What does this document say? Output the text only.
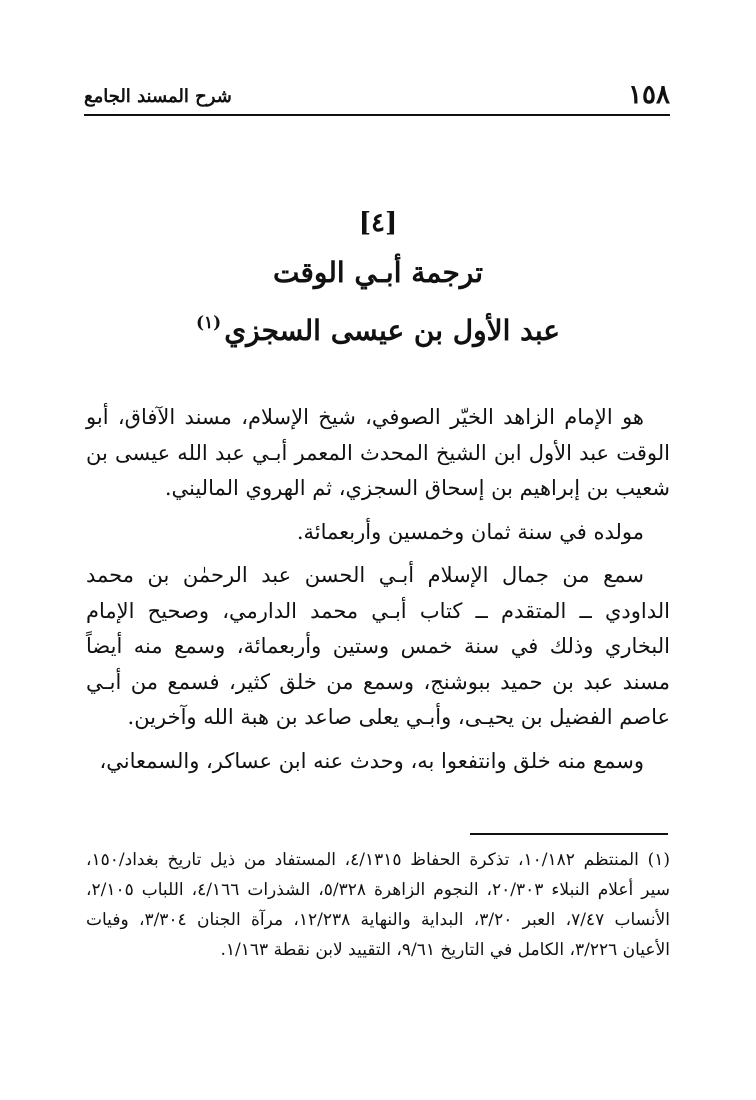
١٥٨
شرح المسند الجامع
[٤]
ترجمة أبـي الوقت
عبد الأول بن عيسى السجزي$^{(١)}$

هو الإمام الزاهد الخيّر الصوفي، شيخ الإسلام، مسند الآفاق، أبو الوقت عبد الأول ابن الشيخ المحدث المعمر أبـي عبد الله عيسى بن شعيب بن إبراهيم بن إسحاق السجزي، ثم الهروي الماليني.

مولده في سنة ثمان وخمسين وأربعمائة.

سمع من جمال الإسلام أبـي الحسن عبد الرحمٰن بن محمد الداودي ــ المتقدم ــ كتاب أبـي محمد الدارمي، وصحيح الإمام البخاري وذلك في سنة خمس وستين وأربعمائة، وسمع منه أيضاً مسند عبد بن حميد ببوشنج، وسمع من خلق كثير، فسمع من أبـي عاصم الفضيل بن يحيـى، وأبـي يعلى صاعد بن هبة الله وآخرين.

وسمع منه خلق وانتفعوا به، وحدث عنه ابن عساكر، والسمعاني،

(١) المنتظم ١٠/١٨٢، تذكرة الحفاظ ٤/١٣١٥، المستفاد من ذيل تاريخ بغداد/١٥٠، سير أعلام النبلاء ٢٠/٣٠٣، النجوم الزاهرة ٥/٣٢٨، الشذرات ٤/١٦٦، اللباب ٢/١٠٥، الأنساب ٧/٤٧، العبر ٣/٢٠، البداية والنهاية ١٢/٢٣٨، مرآة الجنان ٣/٣٠٤، وفيات الأعيان ٣/٢٢٦، الكامل في التاريخ ٩/٦١، التقييد لابن نقطة ١/١٦٣.
